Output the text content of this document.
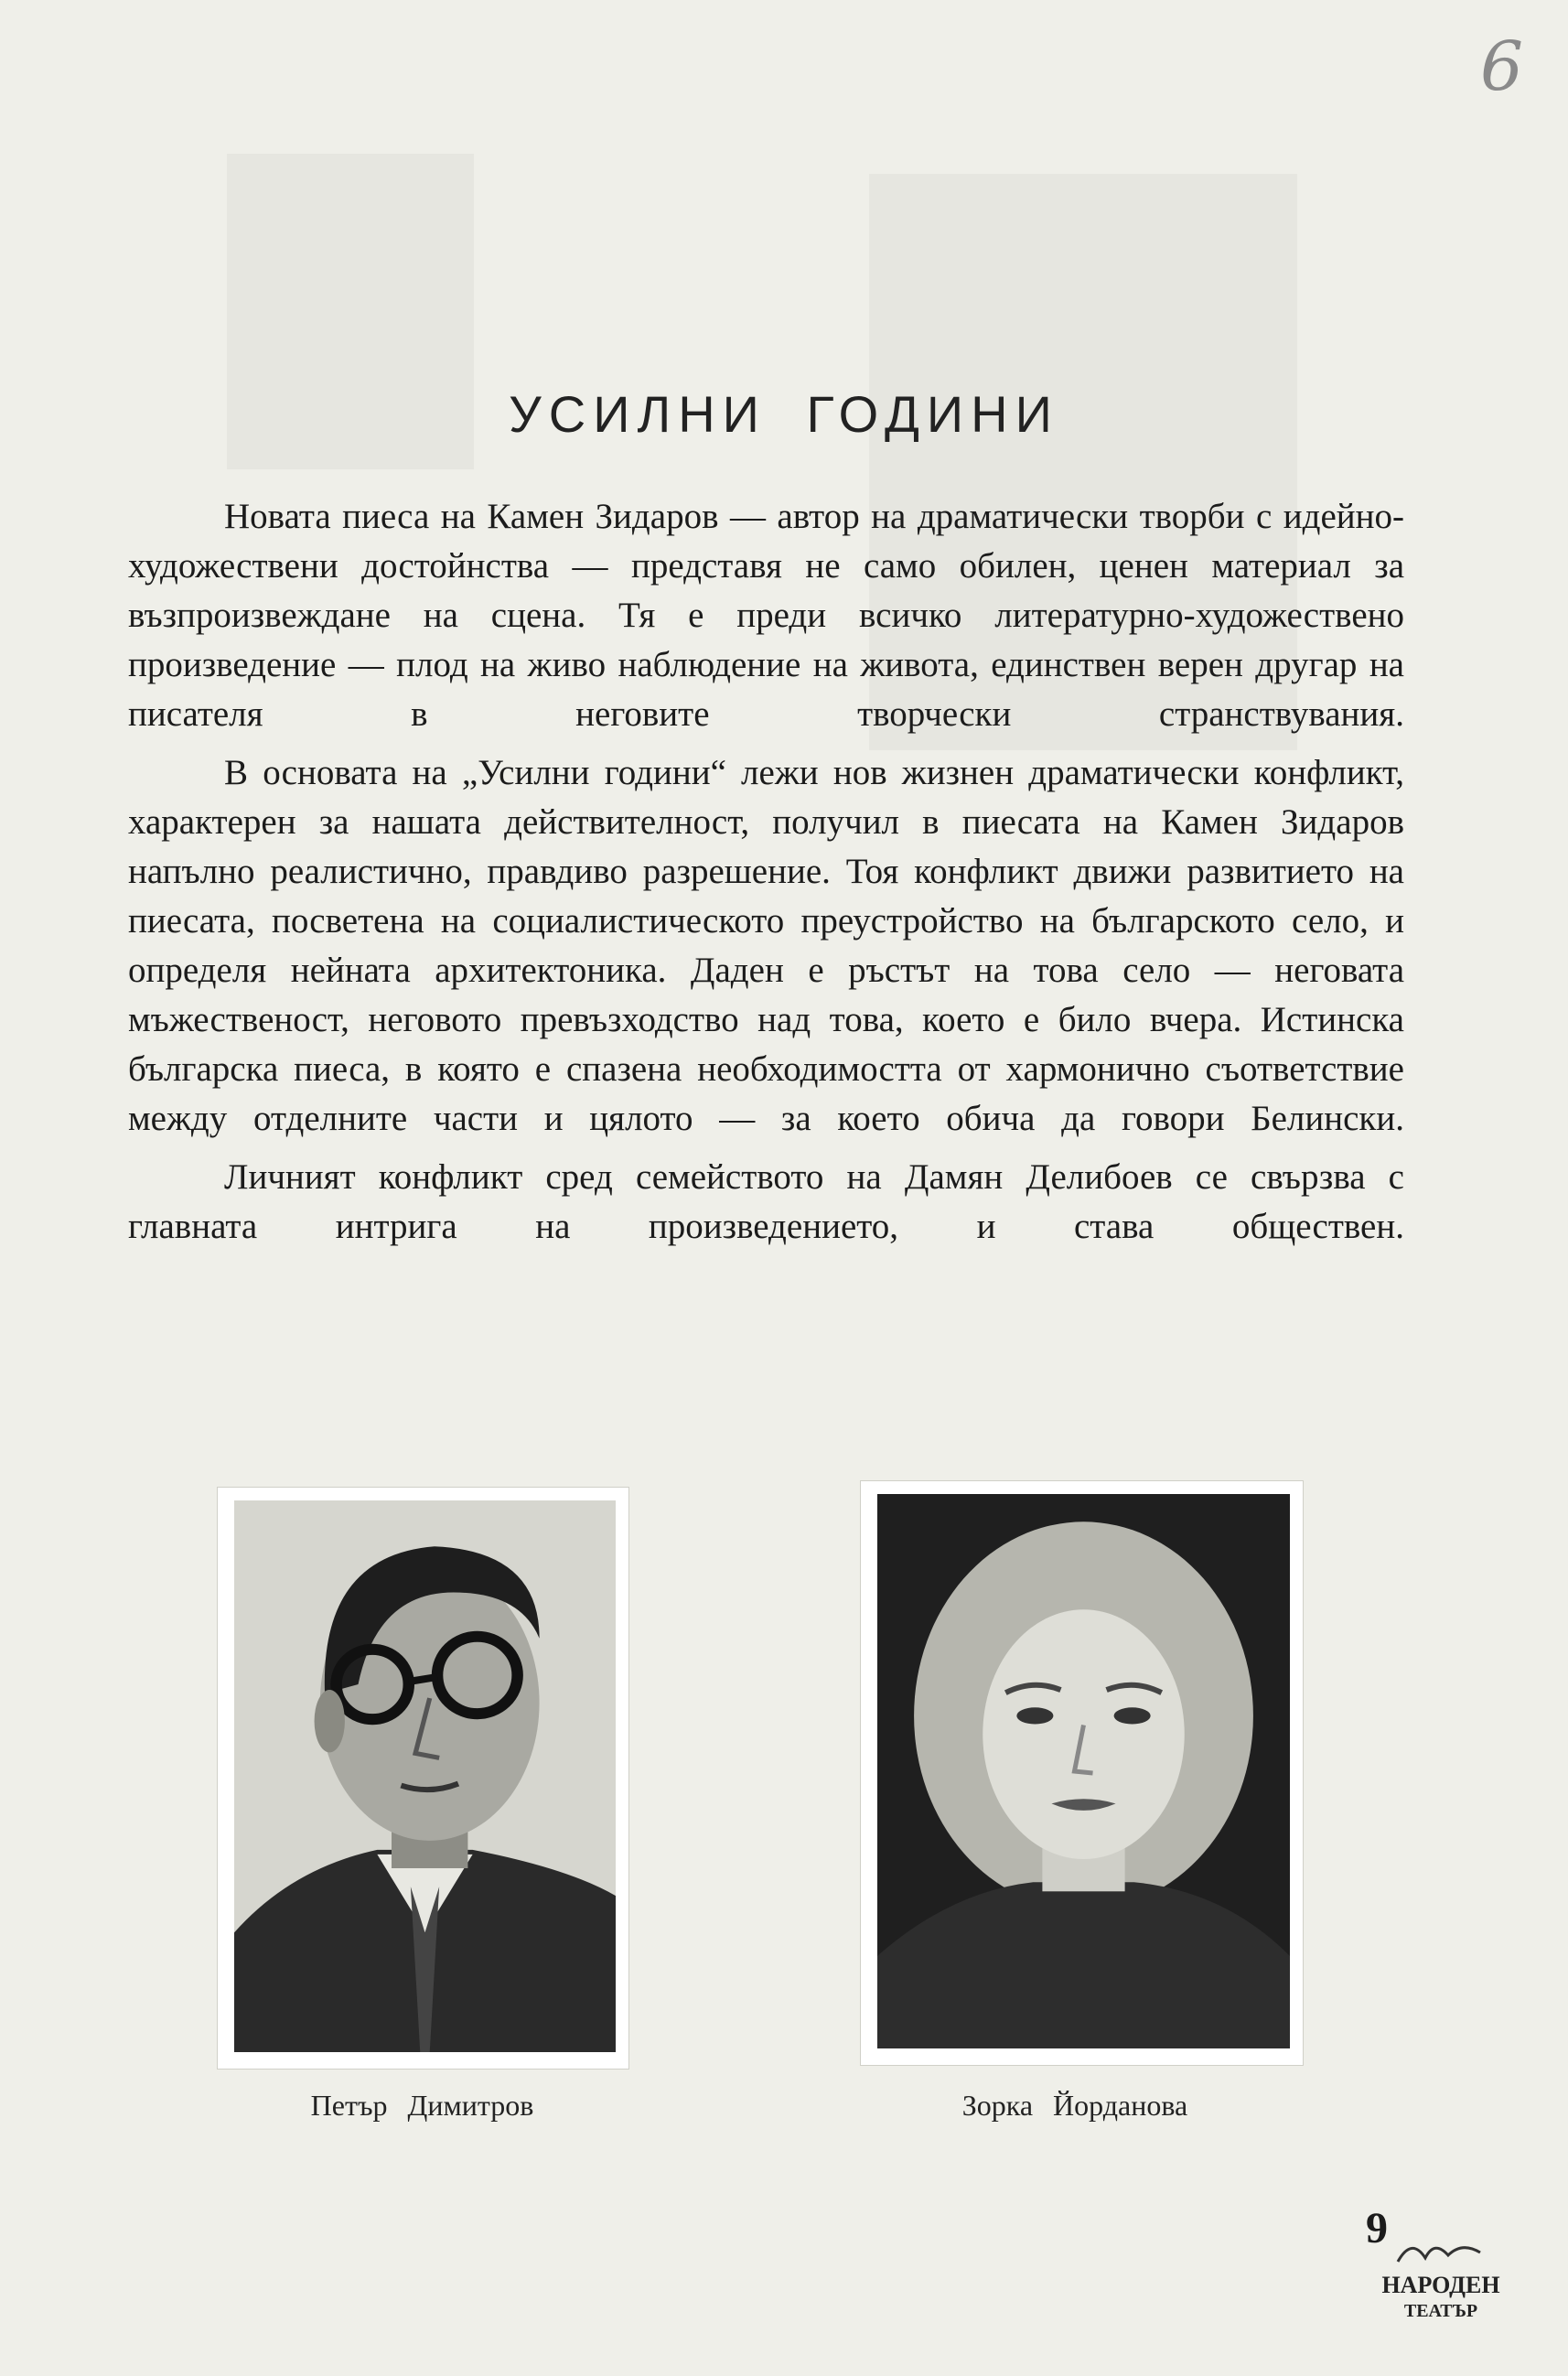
6
УСИЛНИ ГОДИНИ

Новата пиеса на Камен Зидаров — автор на драматически творби с идейно-художествени достойнства — представя не само обилен, ценен материал за възпроизвеждане на сцена. Тя е преди всичко литературно-художествено произведение — плод на живо наблюдение на живота, единствен верен другар на писателя в неговите творчески странствувания.

В основата на „Усилни години“ лежи нов жизнен драматически конфликт, характерен за нашата действителност, получил в пиесата на Камен Зидаров напълно реалистично, правдиво разрешение. Тоя конфликт движи развитието на пиесата, посветена на социалистическото преустройство на българското село, и определя нейната архитектоника. Даден е ръстът на това село — неговата мъжественост, неговото превъзходство над това, което е било вчера. Истинска българска пиеса, в която е спазена необходимостта от хармонично съответствие между отделните части и цялото — за което обича да говори Белински.

Личният конфликт сред семейството на Дамян Делибоев се свързва с главната интрига на произведението, и става обществен.

Петър Димитров	Зорка Йорданова
9
НАРОДЕН
ТЕАТЪР
